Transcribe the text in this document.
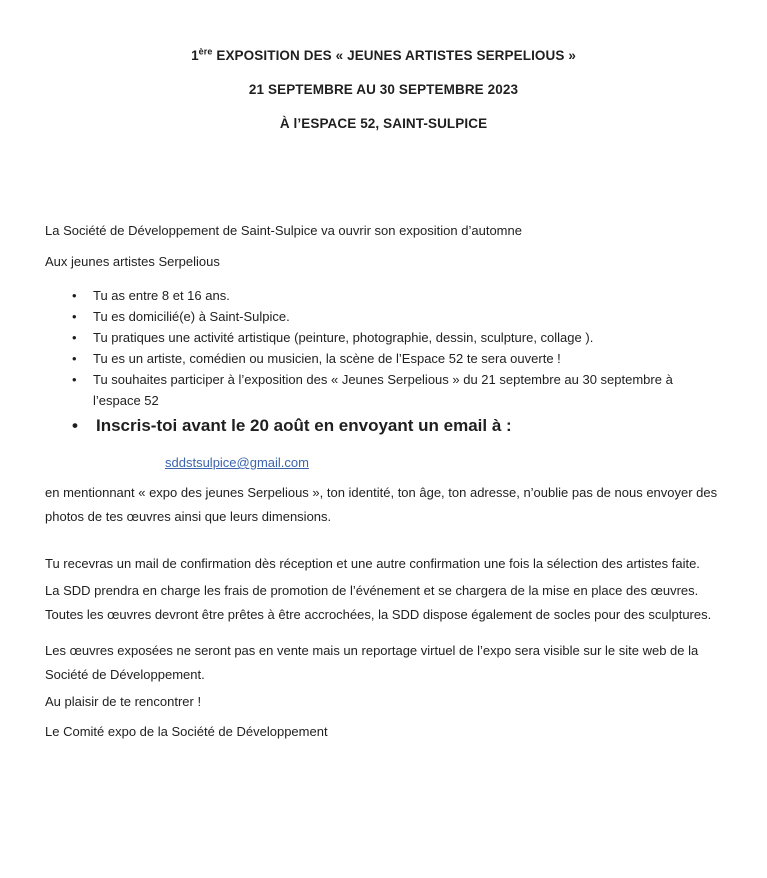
1ère EXPOSITION DES « JEUNES ARTISTES SERPELIOUS »
21 SEPTEMBRE AU 30 SEPTEMBRE 2023
À l’ESPACE 52, SAINT-SULPICE

La Société de Développement de Saint-Sulpice va ouvrir son exposition d’automne

Aux jeunes artistes Serpelious

• Tu as entre 8 et 16 ans.
• Tu es domicilié(e) à Saint-Sulpice.
• Tu pratiques une activité artistique (peinture, photographie, dessin, sculpture, collage ).
• Tu es un artiste, comédien ou musicien, la scène de l’Espace 52 te sera ouverte !
• Tu souhaites participer à l’exposition des « Jeunes Serpelious » du 21 septembre au 30 septembre à l’espace 52
• Inscris-toi avant le 20 août en envoyant un email à :
sddstsulpice@gmail.com

en mentionnant « expo des jeunes Serpelious », ton identité, ton âge, ton adresse, n’oublie pas de nous envoyer des photos de tes œuvres ainsi que leurs dimensions.

Tu recevras un mail de confirmation dès réception et une autre confirmation une fois la sélection des artistes faite.

La SDD prendra en charge les frais de promotion de l’événement et se chargera de la mise en place des œuvres.
Toutes les œuvres devront être prêtes à être accrochées, la SDD dispose également de socles pour des sculptures.

Les œuvres exposées ne seront pas en vente mais un reportage virtuel de l’expo sera visible sur le site web de la Société de Développement.

Au plaisir de te rencontrer !

Le Comité expo de la Société de Développement
